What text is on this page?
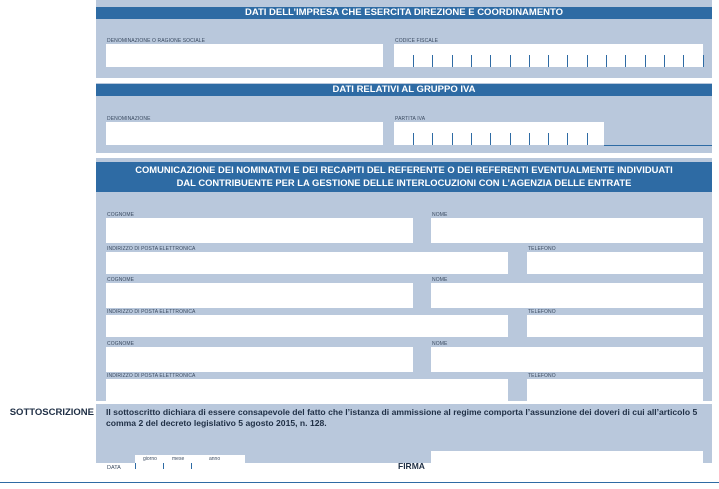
DATI DELL’IMPRESA CHE ESERCITA DIREZIONE E COORDINAMENTO
DENOMINAZIONE O RAGIONE SOCIALE	CODICE FISCALE
DATI RELATIVI AL GRUPPO IVA
DENOMINAZIONE	PARTITA IVA
COMUNICAZIONE DEI NOMINATIVI E DEI RECAPITI DEL REFERENTE O DEI REFERENTI EVENTUALMENTE INDIVIDUATI
DAL CONTRIBUENTE PER LA GESTIONE DELLE INTERLOCUZIONI CON L’AGENZIA DELLE ENTRATE
COGNOME	NOME
INDIRIZZO DI POSTA ELETTRONICA	TELEFONO
COGNOME	NOME
INDIRIZZO DI POSTA ELETTRONICA	TELEFONO
COGNOME	NOME
INDIRIZZO DI POSTA ELETTRONICA	TELEFONO
SOTTOSCRIZIONE Il sottoscritto dichiara di essere consapevole del fatto che l’istanza di ammissione al regime comporta l’assunzione dei doveri di cui all’articolo 5 comma 2 del decreto legislativo 5 agosto 2015, n. 128.
DATA
giorno	mese	anno
FIRMA
